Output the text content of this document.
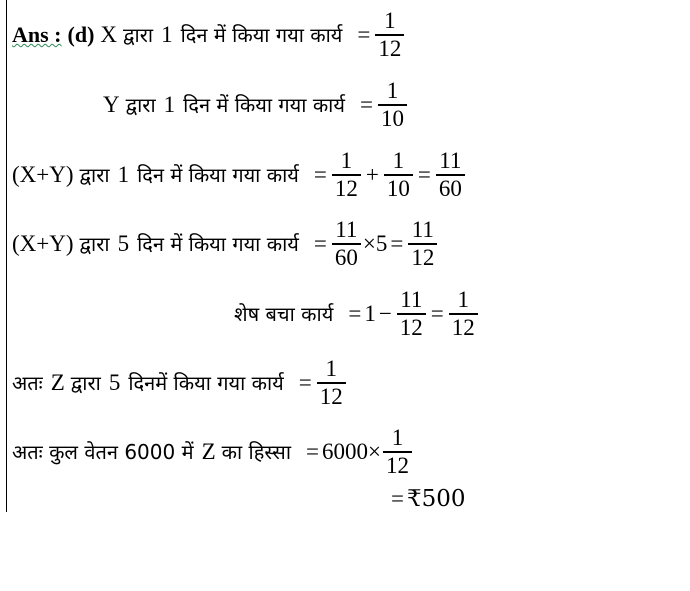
Ans : (d) X द्वारा 1 दिन में किया गया कार्य = $\frac{1}{12}$
Y द्वारा 1 दिन में किया गया कार्य = $\frac{1}{10}$
(X+Y) द्वारा 1 दिन में किया गया कार्य = $\frac{1}{12} + \frac{1}{10} = \frac{11}{60}$
(X+Y) द्वारा 5 दिन में किया गया कार्य = $\frac{11}{60} \times 5 = \frac{11}{12}$
शेष बचा कार्य = $1 - \frac{11}{12} = \frac{1}{12}$
अतः Z द्वारा 5 दिनमें किया गया कार्य = $\frac{1}{12}$
अतः कुल वेतन 6000 में Z का हिस्सा = $6000\times \frac{1}{12}$
= ₹500
